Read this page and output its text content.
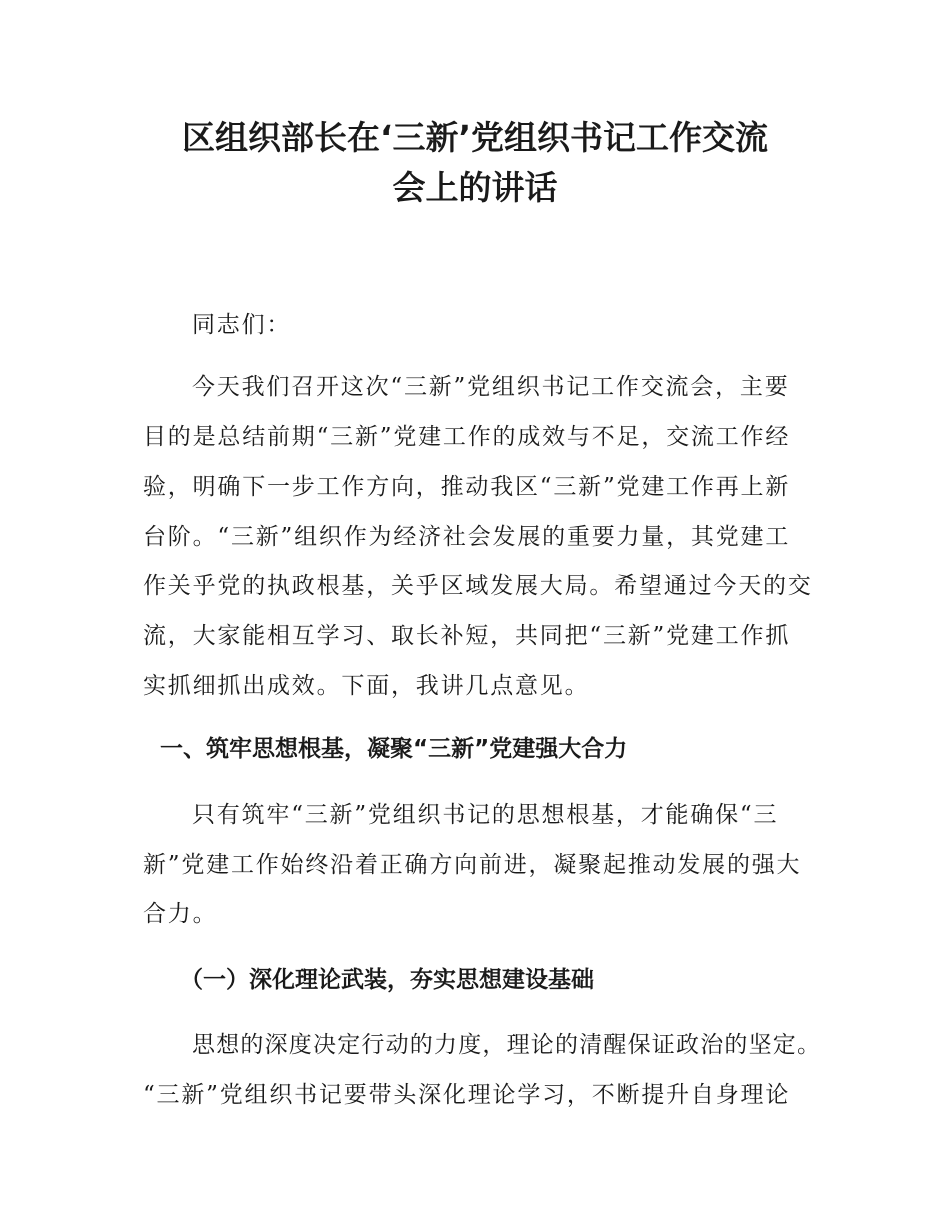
区组织部长在‘三新’党组织书记工作交流
会上的讲话

同志们：

今天我们召开这次“三新”党组织书记工作交流会，主要

目的是总结前期“三新”党建工作的成效与不足，交流工作经

验，明确下一步工作方向，推动我区“三新”党建工作再上新

台阶。“三新”组织作为经济社会发展的重要力量，其党建工

作关乎党的执政根基，关乎区域发展大局。希望通过今天的交

流，大家能相互学习、取长补短，共同把“三新”党建工作抓

实抓细抓出成效。下面，我讲几点意见。

一、筑牢思想根基，凝聚“三新”党建强大合力

只有筑牢“三新”党组织书记的思想根基，才能确保“三

新”党建工作始终沿着正确方向前进，凝聚起推动发展的强大

合力。

（一）深化理论武装，夯实思想建设基础

思想的深度决定行动的力度，理论的清醒保证政治的坚定。

“三新”党组织书记要带头深化理论学习，不断提升自身理论
